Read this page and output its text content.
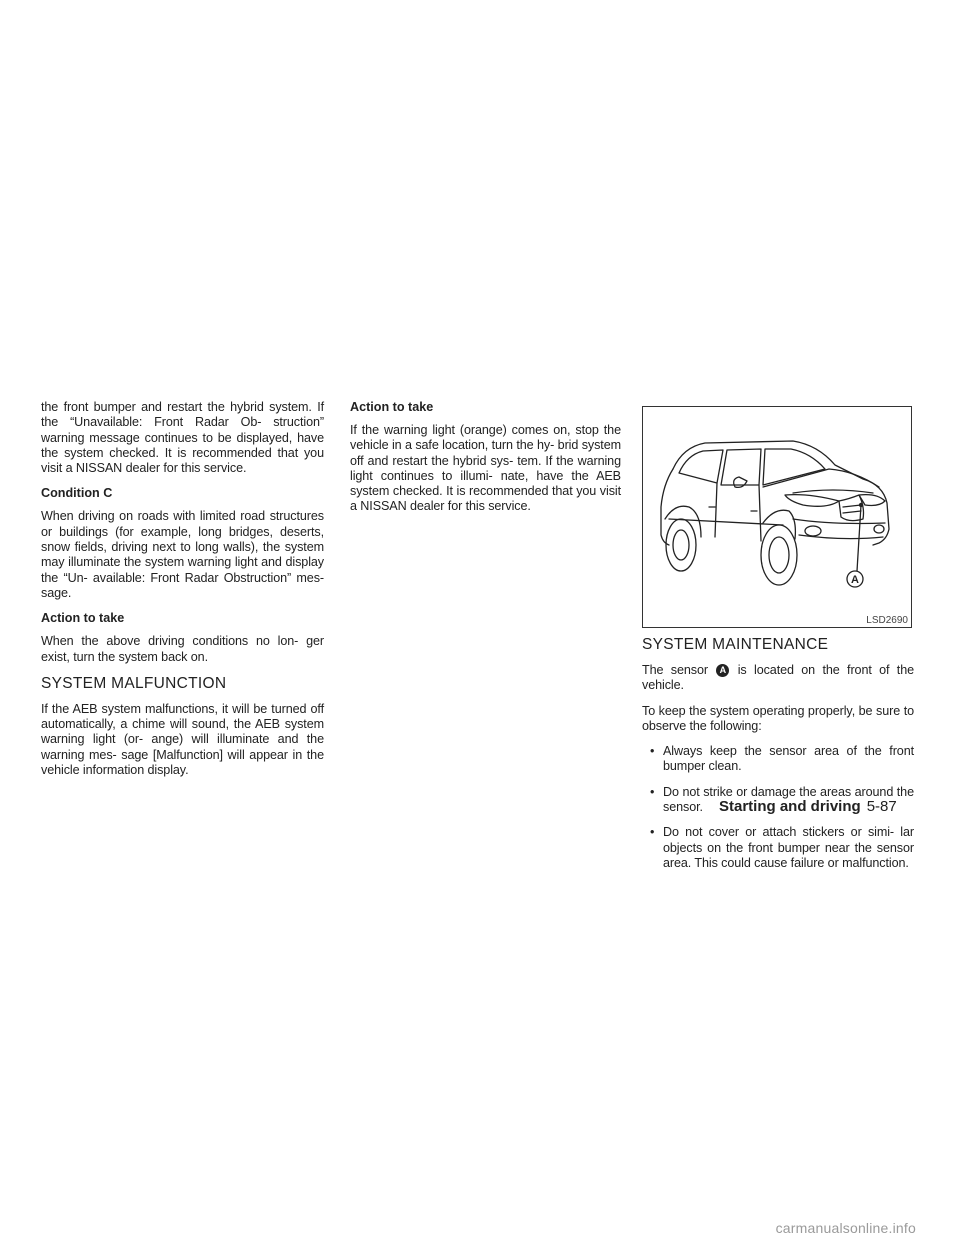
the front bumper and restart the hybrid system. If the “Unavailable: Front Radar Ob- struction” warning message continues to be displayed, have the system checked. It is recommended that you visit a NISSAN dealer for this service.

Condition C

When driving on roads with limited road structures or buildings (for example, long bridges, deserts, snow fields, driving next to long walls), the system may illuminate the system warning light and display the “Un- available: Front Radar Obstruction” mes- sage.

Action to take

When the above driving conditions no lon- ger exist, turn the system back on.

SYSTEM MALFUNCTION

If the AEB system malfunctions, it will be turned off automatically, a chime will sound, the AEB system warning light (or- ange) will illuminate and the warning mes- sage [Malfunction] will appear in the vehicle information display.

Action to take

If the warning light (orange) comes on, stop the vehicle in a safe location, turn the hy- brid system off and restart the hybrid sys- tem. If the warning light continues to illumi- nate, have the AEB system checked. It is recommended that you visit a NISSAN dealer for this service.

A
LSD2690
SYSTEM MAINTENANCE

The sensor A is located on the front of the vehicle.

To keep the system operating properly, be sure to observe the following:

• Always keep the sensor area of the front bumper clean.
• Do not strike or damage the areas around the sensor.
• Do not cover or attach stickers or simi- lar objects on the front bumper near the sensor area. This could cause failure or malfunction.
Starting and driving 5-87
carmanualsonline.info
